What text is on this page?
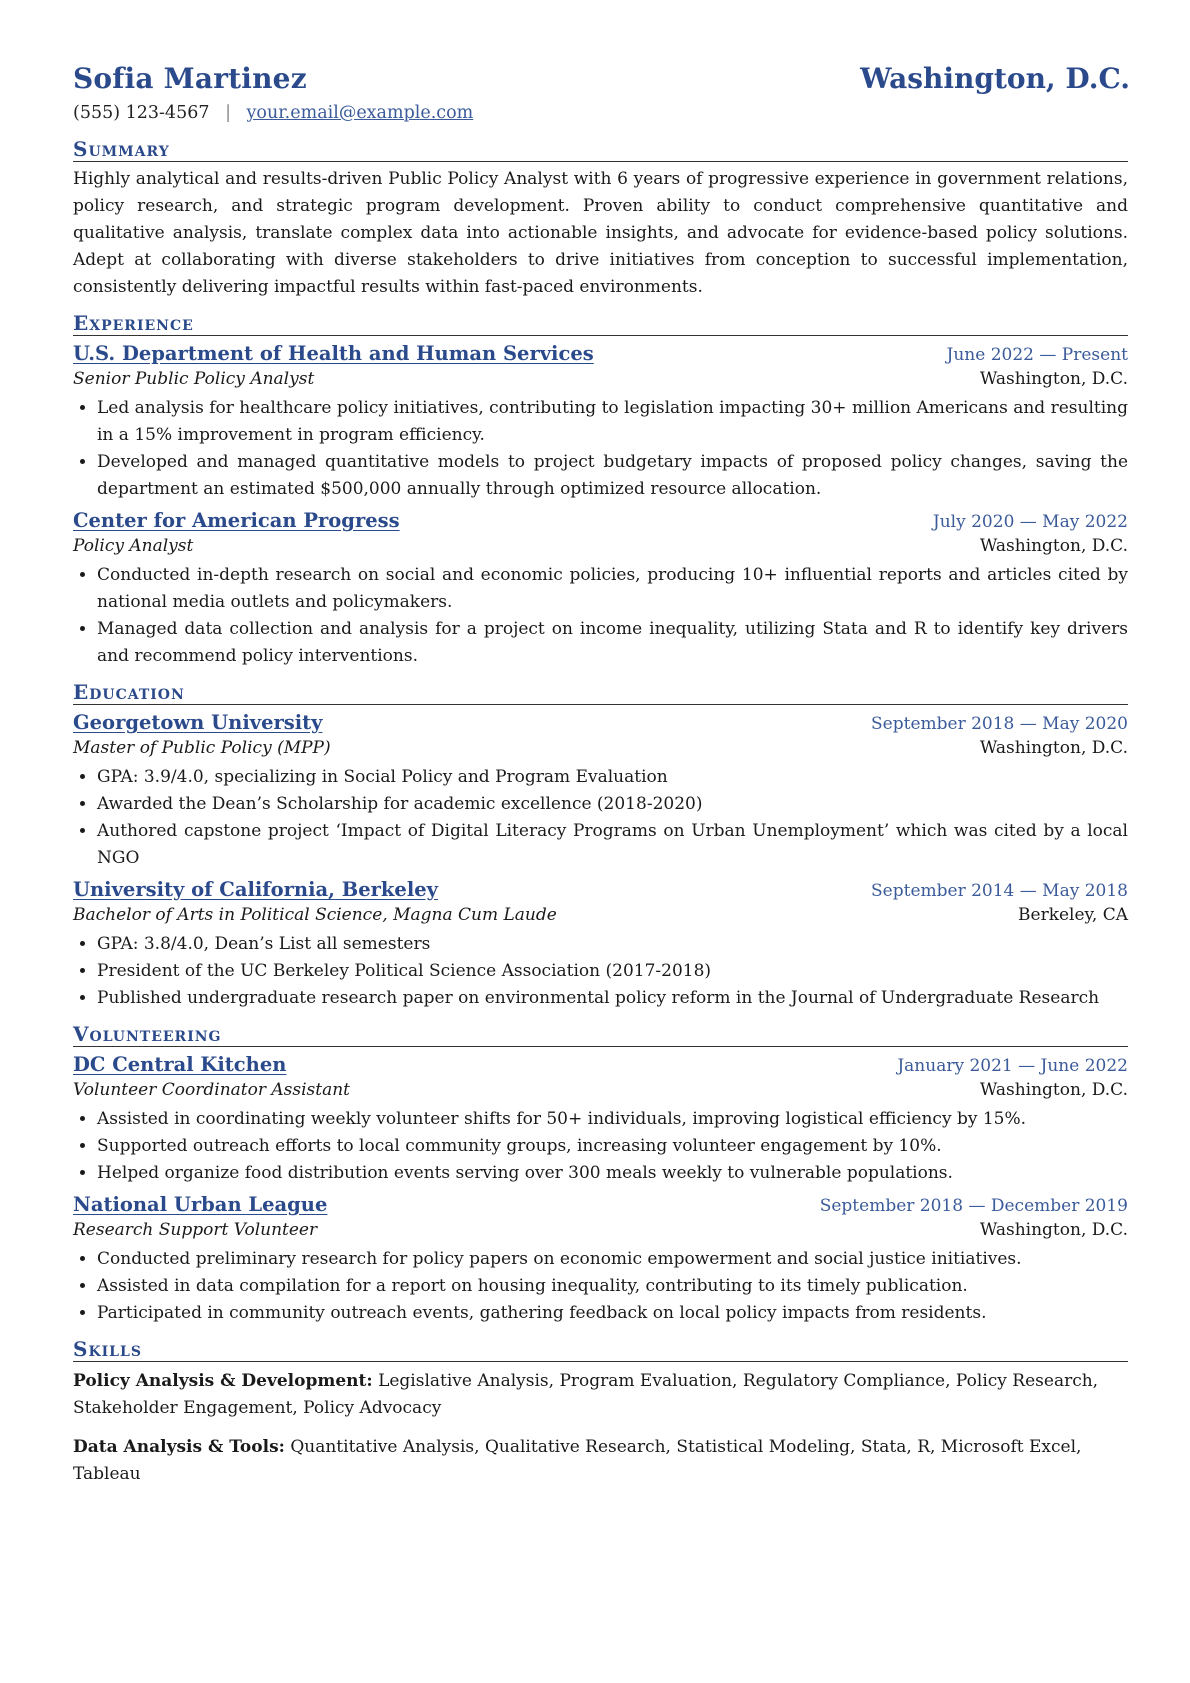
Sofia Martinez	Washington, D.C.
(555) 123-4567 | your.email@example.com
Summary
Highly analytical and results-driven Public Policy Analyst with 6 years of progressive experience in government relations, policy research, and strategic program development. Proven ability to conduct comprehensive quantitative and qualitative analysis, translate complex data into actionable insights, and advocate for evidence-based policy solutions. Adept at collaborating with diverse stakeholders to drive initiatives from conception to successful implementation, consistently delivering impactful results within fast-paced environments.
Experience
U.S. Department of Health and Human Services	June 2022 — Present
Senior Public Policy Analyst	Washington, D.C.
• Led analysis for healthcare policy initiatives, contributing to legislation impacting 30+ million Americans and resulting in a 15% improvement in program efficiency.
• Developed and managed quantitative models to project budgetary impacts of proposed policy changes, saving the department an estimated $500,000 annually through optimized resource allocation.
Center for American Progress	July 2020 — May 2022
Policy Analyst	Washington, D.C.
• Conducted in-depth research on social and economic policies, producing 10+ influential reports and articles cited by national media outlets and policymakers.
• Managed data collection and analysis for a project on income inequality, utilizing Stata and R to identify key drivers and recommend policy interventions.
Education
Georgetown University	September 2018 — May 2020
Master of Public Policy (MPP)	Washington, D.C.
• GPA: 3.9/4.0, specializing in Social Policy and Program Evaluation
• Awarded the Dean’s Scholarship for academic excellence (2018-2020)
• Authored capstone project ‘Impact of Digital Literacy Programs on Urban Unemployment’ which was cited by a local NGO
University of California, Berkeley	September 2014 — May 2018
Bachelor of Arts in Political Science, Magna Cum Laude	Berkeley, CA
• GPA: 3.8/4.0, Dean’s List all semesters
• President of the UC Berkeley Political Science Association (2017-2018)
• Published undergraduate research paper on environmental policy reform in the Journal of Undergraduate Research
Volunteering
DC Central Kitchen	January 2021 — June 2022
Volunteer Coordinator Assistant	Washington, D.C.
• Assisted in coordinating weekly volunteer shifts for 50+ individuals, improving logistical efficiency by 15%.
• Supported outreach efforts to local community groups, increasing volunteer engagement by 10%.
• Helped organize food distribution events serving over 300 meals weekly to vulnerable populations.
National Urban League	September 2018 — December 2019
Research Support Volunteer	Washington, D.C.
• Conducted preliminary research for policy papers on economic empowerment and social justice initiatives.
• Assisted in data compilation for a report on housing inequality, contributing to its timely publication.
• Participated in community outreach events, gathering feedback on local policy impacts from residents.
Skills
Policy Analysis & Development: Legislative Analysis, Program Evaluation, Regulatory Compliance, Policy Research, Stakeholder Engagement, Policy Advocacy
Data Analysis & Tools: Quantitative Analysis, Qualitative Research, Statistical Modeling, Stata, R, Microsoft Excel, Tableau
